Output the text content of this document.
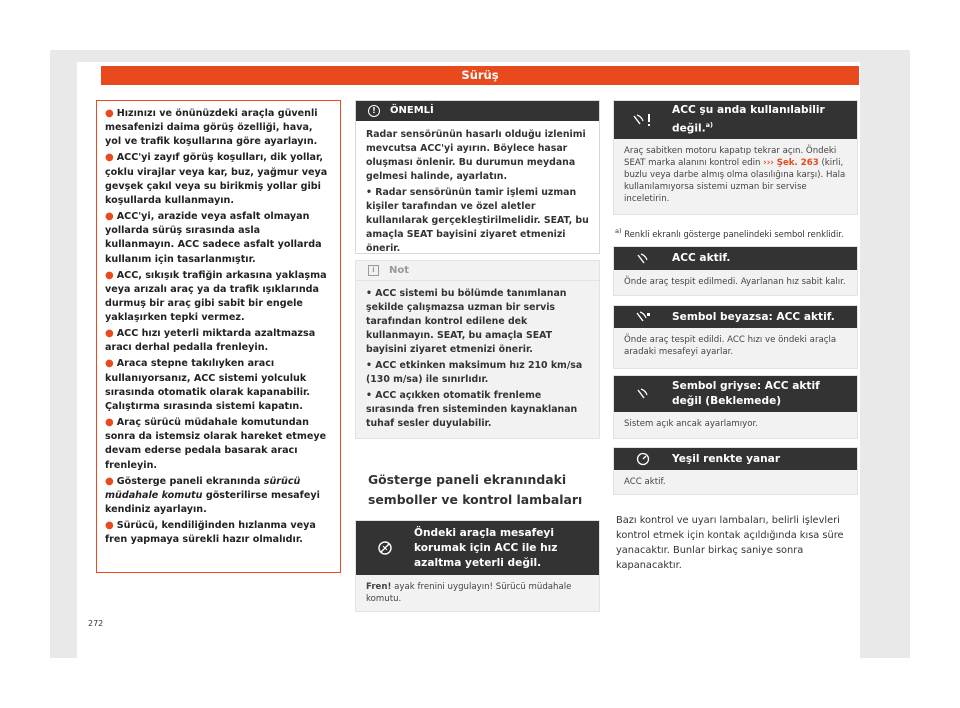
Sürüş
● Hızınızı ve önünüzdeki araçla güvenli mesafenizi daima görüş özelliği, hava, yol ve trafik koşullarına göre ayarlayın.
● ACC'yi zayıf görüş koşulları, dik yollar, çoklu virajlar veya kar, buz, yağmur veya gevşek çakıl veya su birikmiş yollar gibi koşullarda kullanmayın.
● ACC'yi, arazide veya asfalt olmayan yollarda sürüş sırasında asla kullanmayın. ACC sadece asfalt yollarda kullanım için tasarlanmıştır.
● ACC, sıkışık trafiğin arkasına yaklaşma veya arızalı araç ya da trafik ışıklarında durmuş bir araç gibi sabit bir engele yaklaşırken tepki vermez.
● ACC hızı yeterli miktarda azaltmazsa aracı derhal pedalla frenleyin.
● Araca stepne takılıyken aracı kullanıyorsanız, ACC sistemi yolculuk sırasında otomatik olarak kapanabilir. Çalıştırma sırasında sistemi kapatın.
● Araç sürücü müdahale komutundan sonra da istemsiz olarak hareket etmeye devam ederse pedala basarak aracı frenleyin.
● Gösterge paneli ekranında sürücü müdahale komutu gösterilirse mesafeyi kendiniz ayarlayın.
● Sürücü, kendiliğinden hızlanma veya fren yapmaya sürekli hazır olmalıdır.
!	ÖNEMLİ

Radar sensörünün hasarlı olduğu izlenimi mevcutsa ACC'yi ayırın. Böylece hasar oluşması önlenir. Bu durumun meydana gelmesi halinde, ayarlatın.

• Radar sensörünün tamir işlemi uzman kişiler tarafından ve özel aletler kullanılarak gerçekleştirilmelidir. SEAT, bu amaçla SEAT bayisini ziyaret etmenizi önerir.

i	Not

• ACC sistemi bu bölümde tanımlanan şekilde çalışmazsa uzman bir servis tarafından kontrol edilene dek kullanmayın. SEAT, bu amaçla SEAT bayisini ziyaret etmenizi önerir.

• ACC etkinken maksimum hız 210 km/sa (130 m/sa) ile sınırlıdır.

• ACC açıkken otomatik frenleme sırasında fren sisteminden kaynaklanan tuhaf sesler duyulabilir.

Gösterge paneli ekranındaki semboller ve kontrol lambaları
Öndeki araçla mesafeyi korumak için ACC ile hız azaltma yeterli değil.
Fren! ayak frenini uygulayın! Sürücü müdahale komutu.
ACC şu anda kullanılabilir değil.$^{a)}$
Araç sabitken motoru kapatıp tekrar açın. Öndeki SEAT marka alanını kontrol edin ››› Şek. 263 (kirli, buzlu veya darbe almış olma olasılığına karşı). Hala kullanılamıyorsa sistemi uzman bir servise inceletirin.
$^{a)}$ Renkli ekranlı gösterge panelindeki sembol renklidir.
ACC aktif.
Önde araç tespit edilmedi. Ayarlanan hız sabit kalır.
Sembol beyazsa: ACC aktif.
Önde araç tespit edildi. ACC hızı ve öndeki araçla aradaki mesafeyi ayarlar.
Sembol griyse: ACC aktif değil (Beklemede)
Sistem açık ancak ayarlamıyor.
Yeşil renkte yanar
ACC aktif.
Bazı kontrol ve uyarı lambaları, belirli işlevleri kontrol etmek için kontak açıldığında kısa süre yanacaktır. Bunlar birkaç saniye sonra kapanacaktır.
272
